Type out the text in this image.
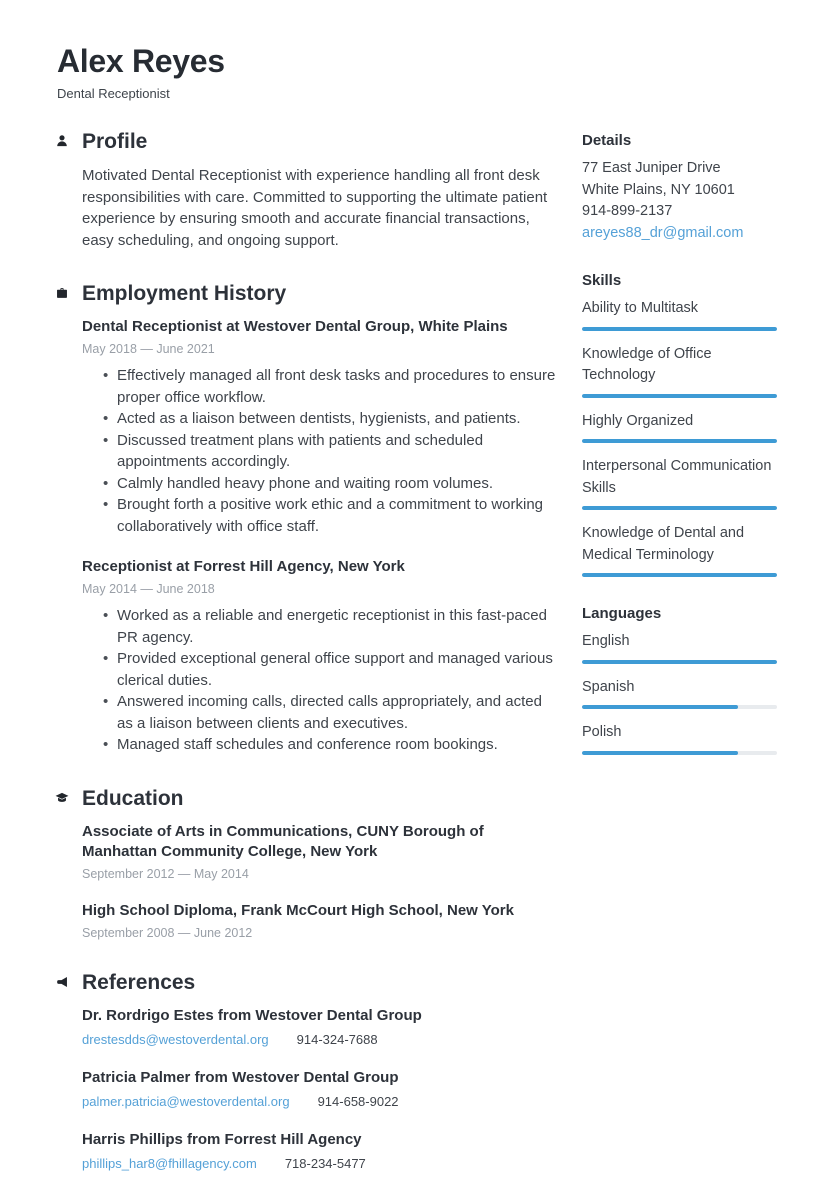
Alex Reyes
Dental Receptionist
Profile

Motivated Dental Receptionist with experience handling all front desk responsibilities with care. Committed to supporting the ultimate patient experience by ensuring smooth and accurate financial transactions, easy scheduling, and ongoing support.

Employment History
Dental Receptionist at Westover Dental Group, White Plains
May 2018 — June 2021
• Effectively managed all front desk tasks and procedures to ensure proper office workflow.
• Acted as a liaison between dentists, hygienists, and patients.
• Discussed treatment plans with patients and scheduled appointments accordingly.
• Calmly handled heavy phone and waiting room volumes.
• Brought forth a positive work ethic and a commitment to working collaboratively with office staff.
Receptionist at Forrest Hill Agency, New York
May 2014 — June 2018
• Worked as a reliable and energetic receptionist in this fast-paced PR agency.
• Provided exceptional general office support and managed various clerical duties.
• Answered incoming calls, directed calls appropriately, and acted as a liaison between clients and executives.
• Managed staff schedules and conference room bookings.
Education
Associate of Arts in Communications, CUNY Borough of Manhattan Community College, New York
September 2012 — May 2014
High School Diploma, Frank McCourt High School, New York
September 2008 — June 2012
References
Dr. Rordrigo Estes from Westover Dental Group
drestesdds@westoverdental.org 914-324-7688
Patricia Palmer from Westover Dental Group
palmer.patricia@westoverdental.org 914-658-9022
Harris Phillips from Forrest Hill Agency
phillips_har8@fhillagency.com 718-234-5477
Details
77 East Juniper Drive
White Plains, NY 10601
914-899-2137
areyes88_dr@gmail.com
Skills
Ability to Multitask
Knowledge of Office Technology
Highly Organized
Interpersonal Communication Skills
Knowledge of Dental and Medical Terminology
Languages
English
Spanish
Polish
